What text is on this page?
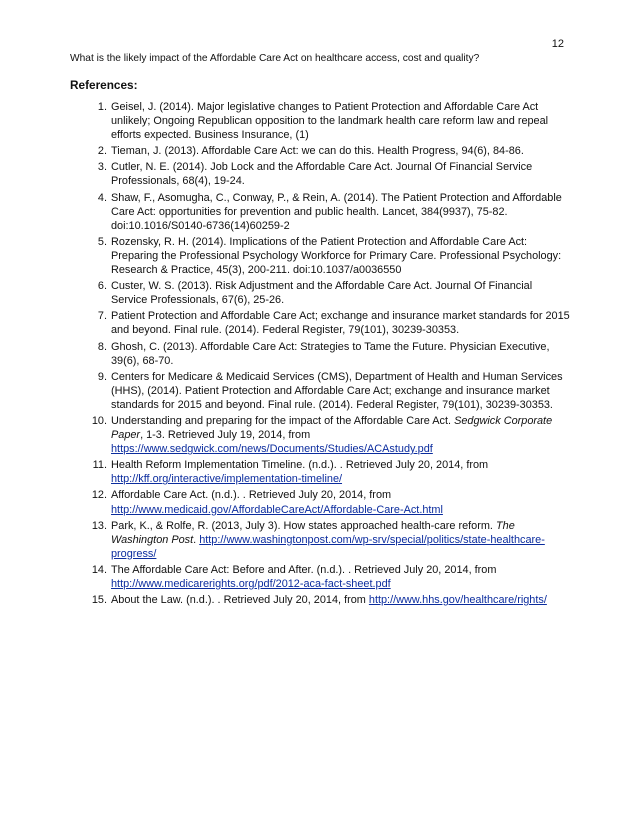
12
What is the likely impact of the Affordable Care Act on healthcare access, cost and quality?
References:
1. Geisel, J. (2014). Major legislative changes to Patient Protection and Affordable Care Act unlikely; Ongoing Republican opposition to the landmark health care reform law and repeal efforts expected. Business Insurance, (1)
2. Tieman, J. (2013). Affordable Care Act: we can do this. Health Progress, 94(6), 84-86.
3. Cutler, N. E. (2014). Job Lock and the Affordable Care Act. Journal Of Financial Service Professionals, 68(4), 19-24.
4. Shaw, F., Asomugha, C., Conway, P., & Rein, A. (2014). The Patient Protection and Affordable Care Act: opportunities for prevention and public health. Lancet, 384(9937), 75-82. doi:10.1016/S0140-6736(14)60259-2
5. Rozensky, R. H. (2014). Implications of the Patient Protection and Affordable Care Act: Preparing the Professional Psychology Workforce for Primary Care. Professional Psychology: Research & Practice, 45(3), 200-211. doi:10.1037/a0036550
6. Custer, W. S. (2013). Risk Adjustment and the Affordable Care Act. Journal Of Financial Service Professionals, 67(6), 25-26.
7. Patient Protection and Affordable Care Act; exchange and insurance market standards for 2015 and beyond. Final rule. (2014). Federal Register, 79(101), 30239-30353.
8. Ghosh, C. (2013). Affordable Care Act: Strategies to Tame the Future. Physician Executive, 39(6), 68-70.
9. Centers for Medicare & Medicaid Services (CMS), Department of Health and Human Services (HHS), (2014). Patient Protection and Affordable Care Act; exchange and insurance market standards for 2015 and beyond. Final rule. (2014). Federal Register, 79(101), 30239-30353.
10. Understanding and preparing for the impact of the Affordable Care Act. Sedgwick Corporate Paper, 1-3. Retrieved July 19, 2014, from https://www.sedgwick.com/news/Documents/Studies/ACAstudy.pdf
11. Health Reform Implementation Timeline. (n.d.). . Retrieved July 20, 2014, from http://kff.org/interactive/implementation-timeline/
12. Affordable Care Act. (n.d.). . Retrieved July 20, 2014, from http://www.medicaid.gov/AffordableCareAct/Affordable-Care-Act.html
13. Park, K., & Rolfe, R. (2013, July 3). How states approached health-care reform. The Washington Post. http://www.washingtonpost.com/wp-srv/special/politics/state-healthcare-progress/
14. The Affordable Care Act: Before and After. (n.d.). . Retrieved July 20, 2014, from http://www.medicarerights.org/pdf/2012-aca-fact-sheet.pdf
15. About the Law. (n.d.). . Retrieved July 20, 2014, from http://www.hhs.gov/healthcare/rights/
